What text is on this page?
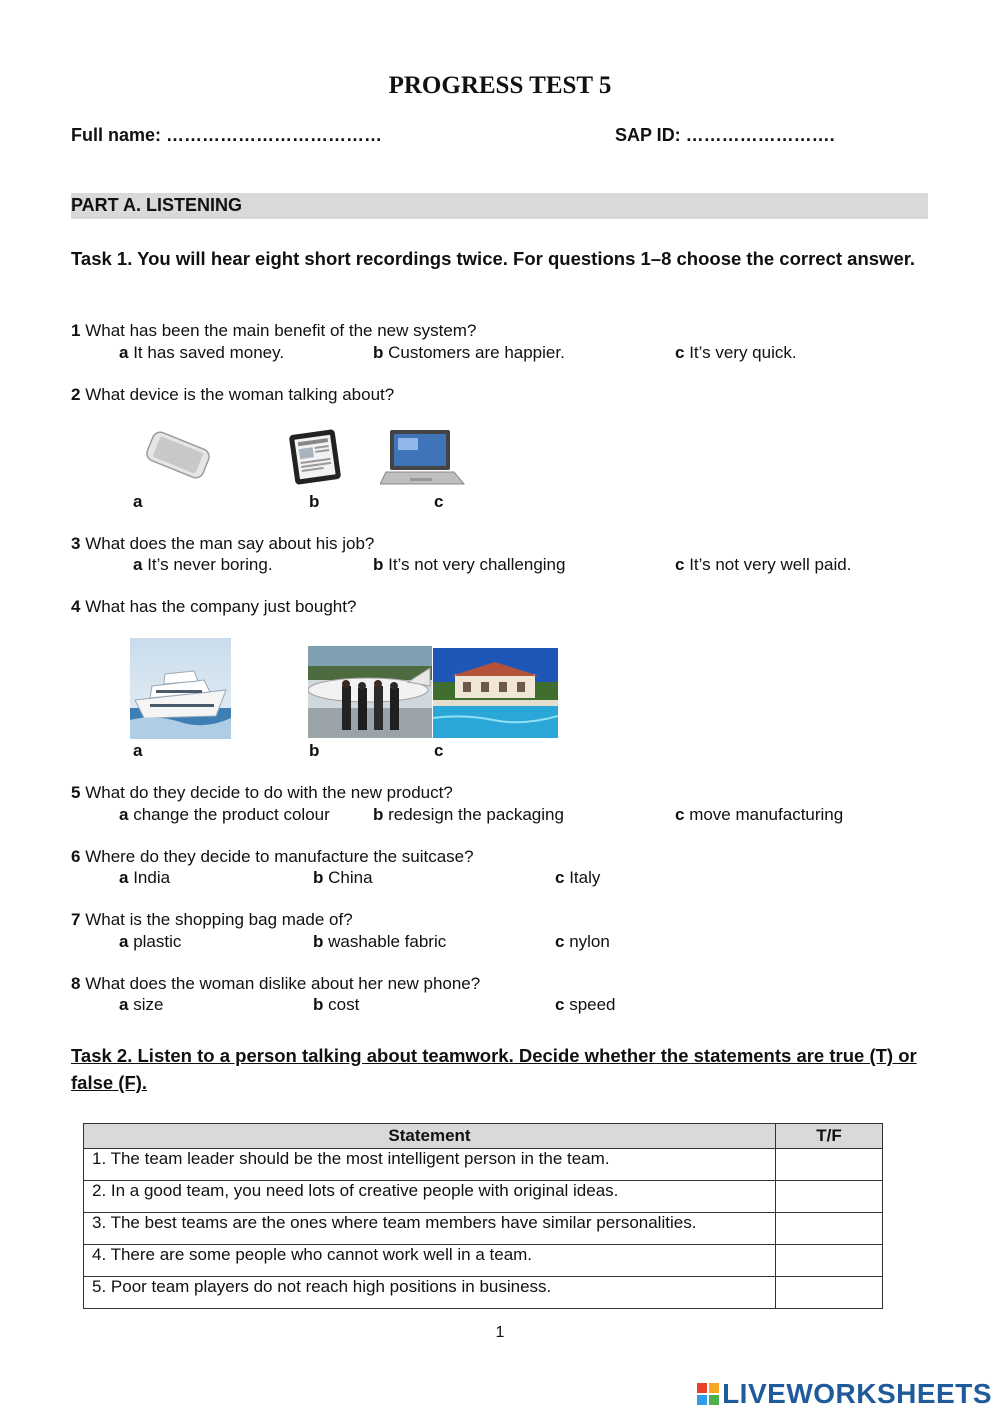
PROGRESS TEST 5
Full name: ………………………………	SAP ID: …………………….
PART A. LISTENING
Task 1. You will hear eight short recordings twice. For questions 1–8 choose the correct answer.
1 What has been the main benefit of the new system?
a It has saved money.	b Customers are happier.	c It’s very quick.
2 What device is the woman talking about?
a	b	c
3 What does the man say about his job?
a It’s never boring.	b It’s not very challenging	c It’s not very well paid.
4 What has the company just bought?
a	b	c
5 What do they decide to do with the new product?
a change the product colour	b redesign the packaging	c move manufacturing
6 Where do they decide to manufacture the suitcase?
a India	b China	c Italy
7 What is the shopping bag made of?
a plastic	b washable fabric	c nylon
8 What does the woman dislike about her new phone?
a size	b cost	c speed
Task 2. Listen to a person talking about teamwork. Decide whether the statements are true (T) or false (F).
Statement	T/F
1. The team leader should be the most intelligent person in the team.	
2. In a good team, you need lots of creative people with original ideas.	
3. The best teams are the ones where team members have similar personalities.	
4. There are some people who cannot work well in a team.	
5. Poor team players do not reach high positions in business.	
1
LIVEWORKSHEETS
